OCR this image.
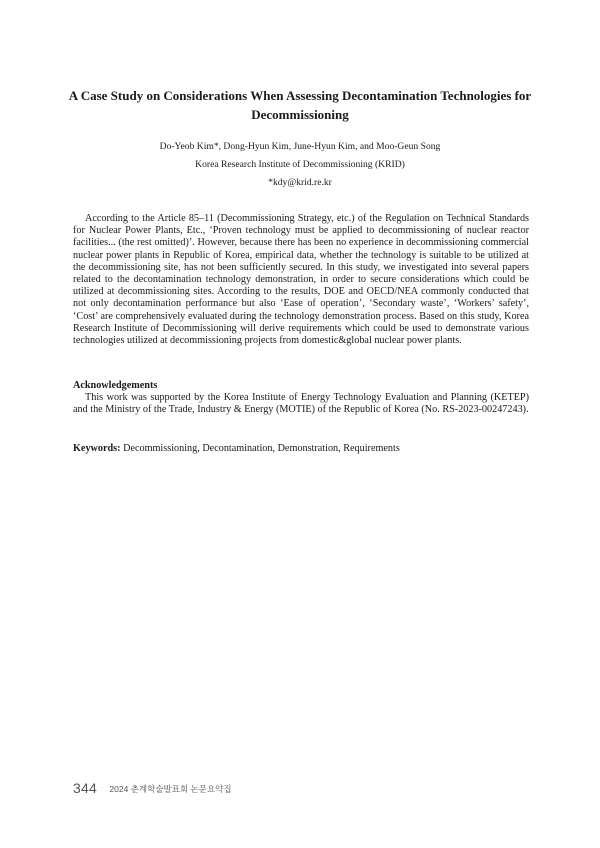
A Case Study on Considerations When Assessing Decontamination Technologies for Decommissioning

Do-Yeob Kim*, Dong-Hyun Kim, June-Hyun Kim, and Moo-Geun Song

Korea Research Institute of Decommissioning (KRID)

*kdy@krid.re.kr

According to the Article 85–11 (Decommissioning Strategy, etc.) of the Regulation on Technical Standards for Nuclear Power Plants, Etc., ‘Proven technology must be applied to decommissioning of nuclear reactor facilities... (the rest omitted)’. However, because there has been no experience in decommissioning commercial nuclear power plants in Republic of Korea, empirical data, whether the technology is suitable to be utilized at the decommissioning site, has not been sufficiently secured. In this study, we investigated into several papers related to the decontamination technology demonstration, in order to secure considerations which could be utilized at decommissioning sites. According to the results, DOE and OECD/NEA commonly conducted that not only decontamination performance but also ‘Ease of operation’, ‘Secondary waste’, ‘Workers’ safety’, ‘Cost’ are comprehensively evaluated during the technology demonstration process. Based on this study, Korea Research Institute of Decommissioning will derive requirements which could be used to demonstrate various technologies utilized at decommissioning projects from domestic&global nuclear power plants.

Acknowledgements

This work was supported by the Korea Institute of Energy Technology Evaluation and Planning (KETEP) and the Ministry of the Trade, Industry & Energy (MOTIE) of the Republic of Korea (No. RS-2023-00247243).

Keywords: Decommissioning, Decontamination, Demonstration, Requirements

344 2024 춘계학술발표회 논문요약집
